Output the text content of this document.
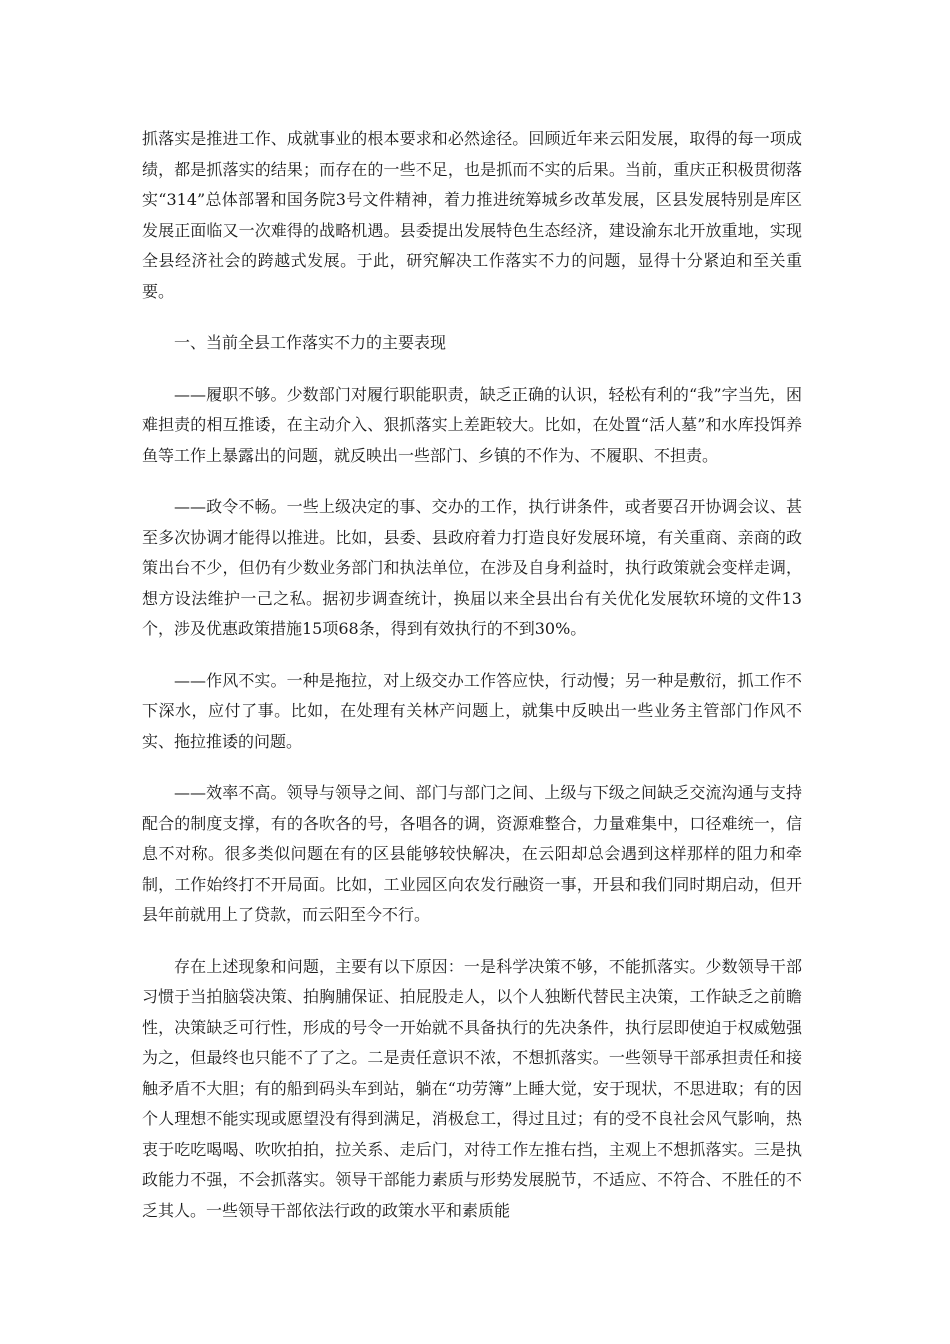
抓落实是推进工作、成就事业的根本要求和必然途径。回顾近年来云阳发展，取得的每一项成绩，都是抓落实的结果；而存在的一些不足，也是抓而不实的后果。当前，重庆正积极贯彻落实“314”总体部署和国务院3号文件精神，着力推进统筹城乡改革发展，区县发展特别是库区发展正面临又一次难得的战略机遇。县委提出发展特色生态经济，建设渝东北开放重地，实现全县经济社会的跨越式发展。于此，研究解决工作落实不力的问题，显得十分紧迫和至关重要。

一、当前全县工作落实不力的主要表现

——履职不够。少数部门对履行职能职责，缺乏正确的认识，轻松有利的“我”字当先，困难担责的相互推诿，在主动介入、狠抓落实上差距较大。比如，在处置“活人墓”和水库投饵养鱼等工作上暴露出的问题，就反映出一些部门、乡镇的不作为、不履职、不担责。

——政令不畅。一些上级决定的事、交办的工作，执行讲条件，或者要召开协调会议、甚至多次协调才能得以推进。比如，县委、县政府着力打造良好发展环境，有关重商、亲商的政策出台不少，但仍有少数业务部门和执法单位，在涉及自身利益时，执行政策就会变样走调，想方设法维护一己之私。据初步调查统计，换届以来全县出台有关优化发展软环境的文件13个，涉及优惠政策措施15项68条，得到有效执行的不到30%。

——作风不实。一种是拖拉，对上级交办工作答应快，行动慢；另一种是敷衍，抓工作不下深水，应付了事。比如，在处理有关林产问题上，就集中反映出一些业务主管部门作风不实、拖拉推诿的问题。

——效率不高。领导与领导之间、部门与部门之间、上级与下级之间缺乏交流沟通与支持配合的制度支撑，有的各吹各的号，各唱各的调，资源难整合，力量难集中，口径难统一，信息不对称。很多类似问题在有的区县能够较快解决，在云阳却总会遇到这样那样的阻力和牵制，工作始终打不开局面。比如，工业园区向农发行融资一事，开县和我们同时期启动，但开县年前就用上了贷款，而云阳至今不行。

存在上述现象和问题，主要有以下原因：一是科学决策不够，不能抓落实。少数领导干部习惯于当拍脑袋决策、拍胸脯保证、拍屁股走人，以个人独断代替民主决策，工作缺乏之前瞻性，决策缺乏可行性，形成的号令一开始就不具备执行的先决条件，执行层即使迫于权威勉强为之，但最终也只能不了了之。二是责任意识不浓，不想抓落实。一些领导干部承担责任和接触矛盾不大胆；有的船到码头车到站，躺在“功劳簿”上睡大觉，安于现状，不思进取；有的因个人理想不能实现或愿望没有得到满足，消极怠工，得过且过；有的受不良社会风气影响，热衷于吃吃喝喝、吹吹拍拍，拉关系、走后门，对待工作左推右挡，主观上不想抓落实。三是执政能力不强，不会抓落实。领导干部能力素质与形势发展脱节，不适应、不符合、不胜任的不乏其人。一些领导干部依法行政的政策水平和素质能
